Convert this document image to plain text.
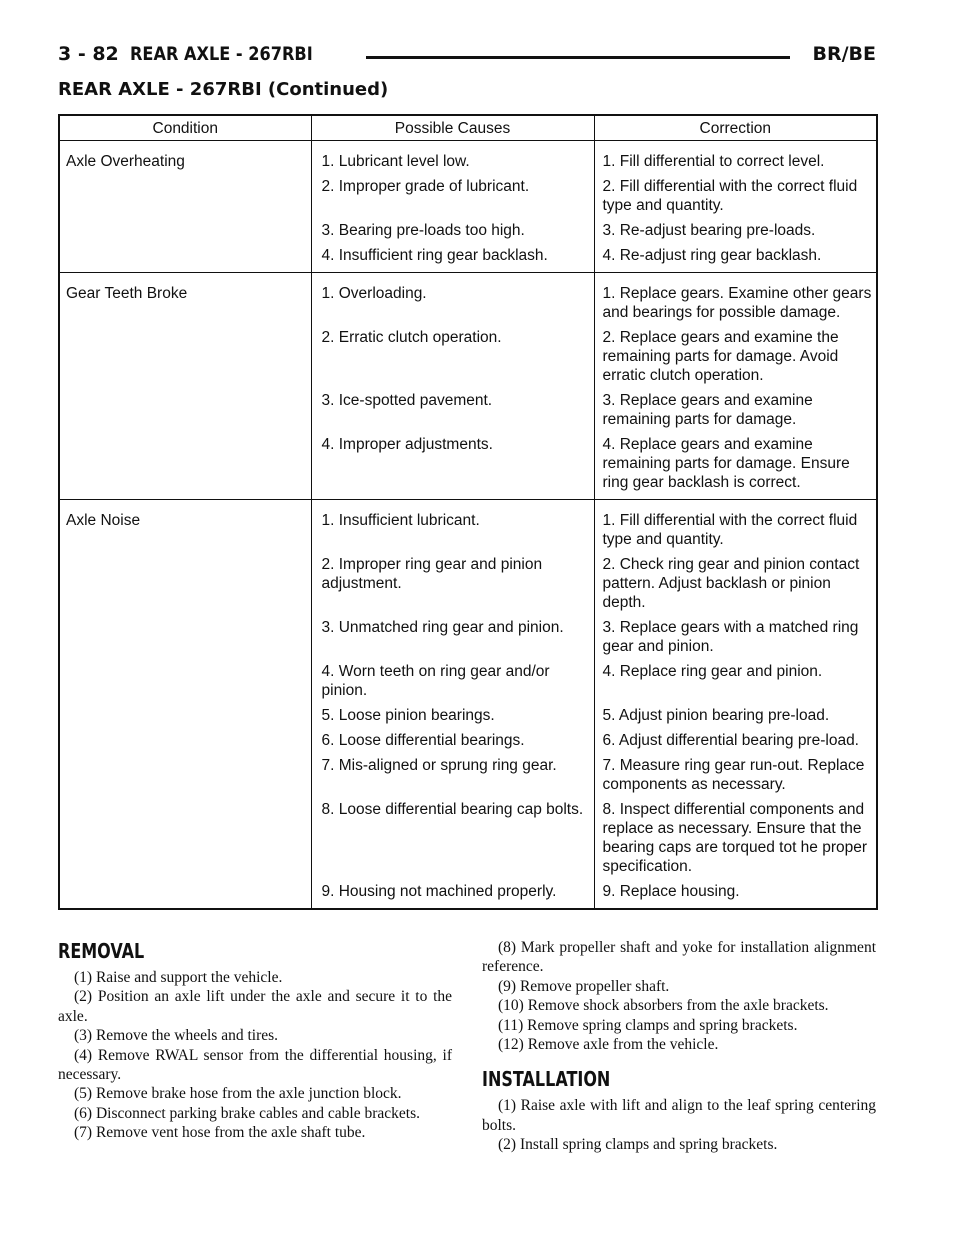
3 - 82 REAR AXLE - 267RBI	BR/BE
REAR AXLE - 267RBI (Continued)
Condition	Possible Causes	Correction
Axle Overheating	1. Lubricant level low.	1. Fill differential to correct level.
	2. Improper grade of lubricant.	2. Fill differential with the correct fluid type and quantity.
	3. Bearing pre-loads too high.	3. Re-adjust bearing pre-loads.
	4. Insufficient ring gear backlash.	4. Re-adjust ring gear backlash.
Gear Teeth Broke	1. Overloading.	1. Replace gears. Examine other gears and bearings for possible damage.
	2. Erratic clutch operation.	2. Replace gears and examine the remaining parts for damage. Avoid erratic clutch operation.
	3. Ice-spotted pavement.	3. Replace gears and examine remaining parts for damage.
	4. Improper adjustments.	4. Replace gears and examine remaining parts for damage. Ensure ring gear backlash is correct.
Axle Noise	1. Insufficient lubricant.	1. Fill differential with the correct fluid type and quantity.
	2. Improper ring gear and pinion adjustment.	2. Check ring gear and pinion contact pattern. Adjust backlash or pinion depth.
	3. Unmatched ring gear and pinion.	3. Replace gears with a matched ring gear and pinion.
	4. Worn teeth on ring gear and/or pinion.	4. Replace ring gear and pinion.
	5. Loose pinion bearings.	5. Adjust pinion bearing pre-load.
	6. Loose differential bearings.	6. Adjust differential bearing pre-load.
	7. Mis-aligned or sprung ring gear.	7. Measure ring gear run-out. Replace components as necessary.
	8. Loose differential bearing cap bolts.	8. Inspect differential components and replace as necessary. Ensure that the bearing caps are torqued tot he proper specification.
	9. Housing not machined properly.	9. Replace housing.
REMOVAL

(1) Raise and support the vehicle.

(2) Position an axle lift under the axle and secure it to the axle.

(3) Remove the wheels and tires.

(4) Remove RWAL sensor from the differential housing, if necessary.

(5) Remove brake hose from the axle junction block.

(6) Disconnect parking brake cables and cable brackets.

(7) Remove vent hose from the axle shaft tube.

(8) Mark propeller shaft and yoke for installation alignment reference.

(9) Remove propeller shaft.

(10) Remove shock absorbers from the axle brackets.

(11) Remove spring clamps and spring brackets.

(12) Remove axle from the vehicle.

INSTALLATION

(1) Raise axle with lift and align to the leaf spring centering bolts.

(2) Install spring clamps and spring brackets.
